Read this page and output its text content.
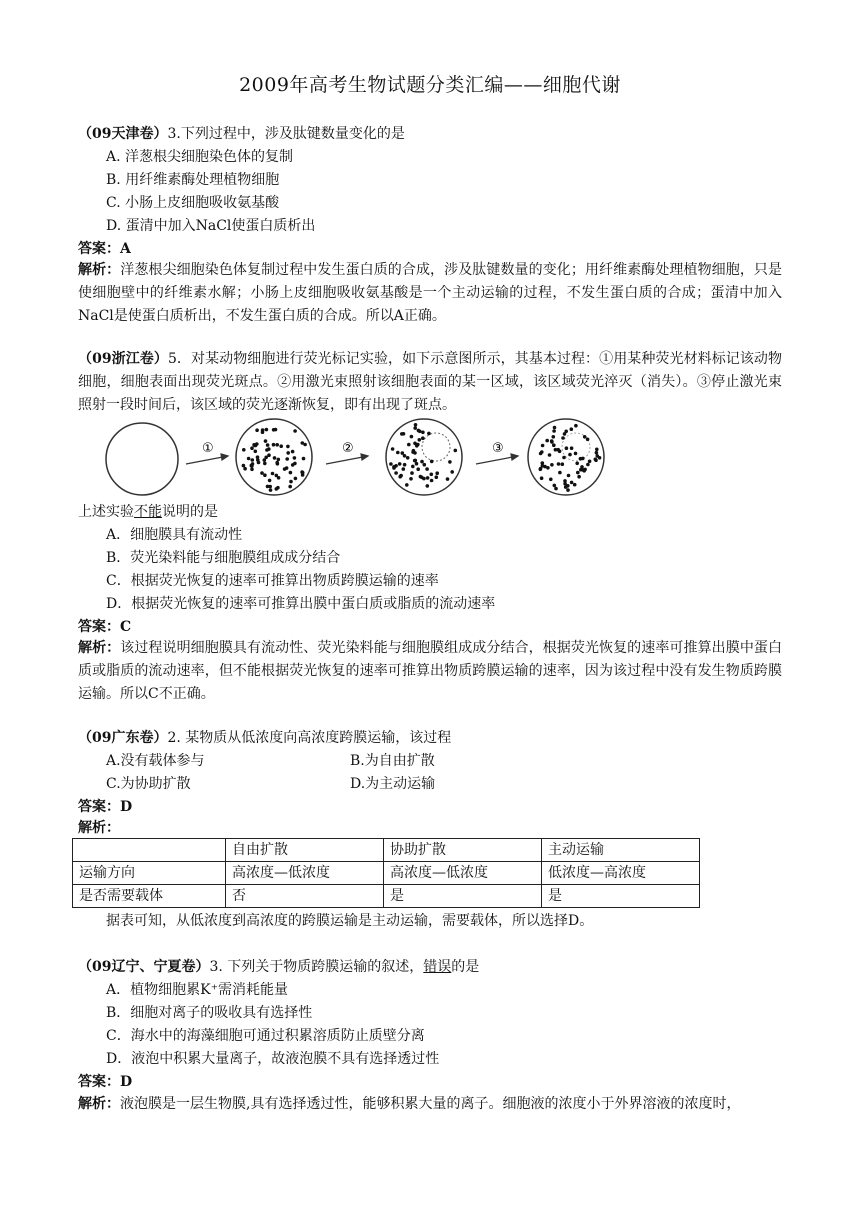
2009年高考生物试题分类汇编——细胞代谢
（09天津卷）3.下列过程中，涉及肽键数量变化的是
A. 洋葱根尖细胞染色体的复制
B. 用纤维素酶处理植物细胞
C. 小肠上皮细胞吸收氨基酸
D. 蛋清中加入NaCl使蛋白质析出
答案：A
解析：洋葱根尖细胞染色体复制过程中发生蛋白质的合成，涉及肽键数量的变化；用纤维素酶处理植物细胞，只是使细胞壁中的纤维素水解；小肠上皮细胞吸收氨基酸是一个主动运输的过程，不发生蛋白质的合成；蛋清中加入NaCl是使蛋白质析出，不发生蛋白质的合成。所以A正确。
（09浙江卷）5．对某动物细胞进行荧光标记实验，如下示意图所示，其基本过程：①用某种荧光材料标记该动物细胞，细胞表面出现荧光斑点。②用激光束照射该细胞表面的某一区域，该区域荧光淬灭（消失）。③停止激光束照射一段时间后，该区域的荧光逐渐恢复，即有出现了斑点。
①	②	③
上述实验不能说明的是
A．细胞膜具有流动性
B．荧光染料能与细胞膜组成成分结合
C．根据荧光恢复的速率可推算出物质跨膜运输的速率
D．根据荧光恢复的速率可推算出膜中蛋白质或脂质的流动速率
答案：C
解析：该过程说明细胞膜具有流动性、荧光染料能与细胞膜组成成分结合，根据荧光恢复的速率可推算出膜中蛋白质或脂质的流动速率，但不能根据荧光恢复的速率可推算出物质跨膜运输的速率，因为该过程中没有发生物质跨膜运输。所以C不正确。
（09广东卷）2. 某物质从低浓度向高浓度跨膜运输，该过程
A.没有载体参与	B.为自由扩散
C.为协助扩散	D.为主动运输
答案：D
解析：
	自由扩散	协助扩散	主动运输
运输方向	高浓度—低浓度	高浓度—低浓度	低浓度—高浓度
是否需要载体	否	是	是
据表可知，从低浓度到高浓度的跨膜运输是主动运输，需要载体，所以选择D。
（09辽宁、宁夏卷）3. 下列关于物质跨膜运输的叙述，错误的是
A．植物细胞累K⁺需消耗能量
B．细胞对离子的吸收具有选择性
C．海水中的海藻细胞可通过积累溶质防止质壁分离
D．液泡中积累大量离子，故液泡膜不具有选择透过性
答案：D
解析：液泡膜是一层生物膜,具有选择透过性，能够积累大量的离子。细胞液的浓度小于外界溶液的浓度时，
